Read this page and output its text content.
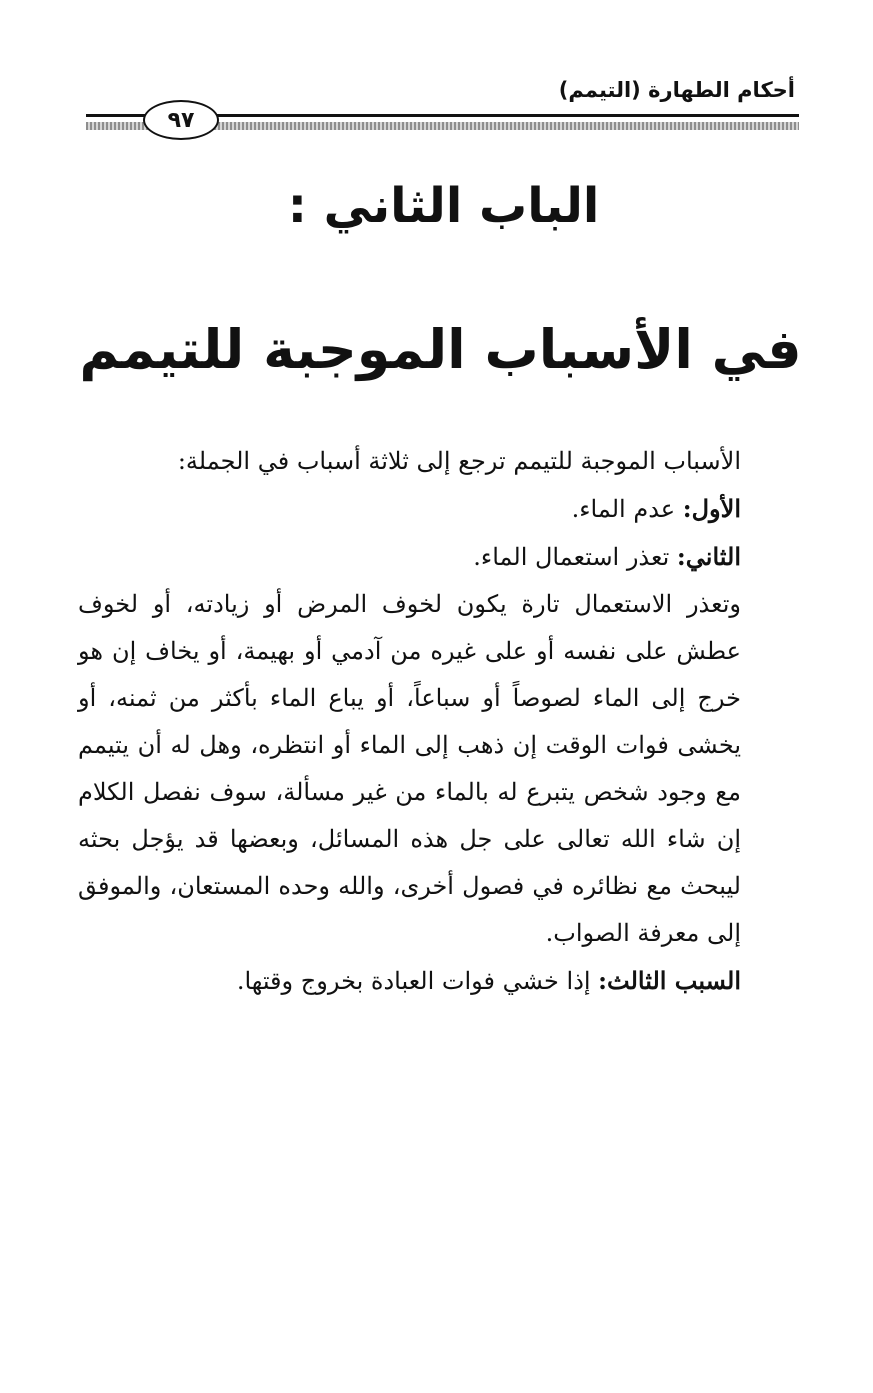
أحكام الطهارة (التيمم)
٩٧
الباب الثاني :
في الأسباب الموجبة للتيمم

الأسباب الموجبة للتيمم ترجع إلى ثلاثة أسباب في الجملة:

الأول: عدم الماء.

الثاني: تعذر استعمال الماء.

وتعذر الاستعمال تارة يكون لخوف المرض أو زيادته، أو لخوف عطش على نفسه أو على غيره من آدمي أو بهيمة، أو يخاف إن هو خرج إلى الماء لصوصاً أو سباعاً، أو يباع الماء بأكثر من ثمنه، أو يخشى فوات الوقت إن ذهب إلى الماء أو انتظره، وهل له أن يتيمم مع وجود شخص يتبرع له بالماء من غير مسألة، سوف نفصل الكلام إن شاء الله تعالى على جل هذه المسائل، وبعضها قد يؤجل بحثه ليبحث مع نظائره في فصول أخرى، والله وحده المستعان، والموفق إلى معرفة الصواب.

السبب الثالث: إذا خشي فوات العبادة بخروج وقتها.
